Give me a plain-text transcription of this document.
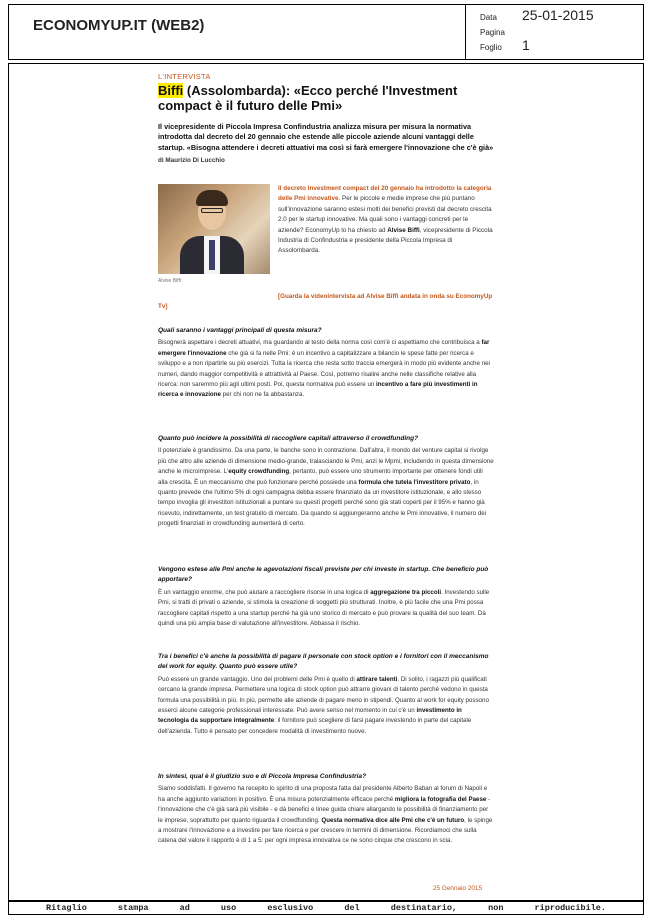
ECONOMYUP.IT (WEB2)	Data 25-01-2015
Pagina
Foglio 1
L'INTERVISTA
Biffi (Assolombarda): «Ecco perché l'Investment compact è il futuro delle Pmi»
Il vicepresidente di Piccola Impresa Confindustria analizza misura per misura la normativa introdotta dal decreto del 20 gennaio che estende alle piccole aziende alcuni vantaggi delle startup. «Bisogna attendere i decreti attuativi ma così si farà emergere l'innovazione che c'è già»
di Maurizio Di Lucchio
Alvise Biffi
Il decreto Investment compact del 20 gennaio ha introdotto la categoria delle Pmi innovative. Per le piccole e medie imprese che più puntano sull'innovazione saranno estesi molti dei benefici previsti dal decreto crescita 2.0 per le startup innovative. Ma quali sono i vantaggi concreti per le aziende? EconomyUp lo ha chiesto ad Alvise Biffi, vicepresidente di Piccola Industria di Confindustria e presidente della Piccola Impresa di Assolombarda.
[Guarda la videointervista ad Alvise Biffi andata in onda su EconomyUp Tv]
Quali saranno i vantaggi principali di questa misura?
Bisognerà aspettare i decreti attuativi, ma guardando al testo della norma così com'è ci aspettiamo che contribuisca a far emergere l'innovazione che già si fa nelle Pmi: è un incentivo a capitalizzare a bilancio le spese fatte per ricerca e sviluppo e a non ripartirle su più esercizi. Tutta la ricerca che resta sotto traccia emergerà in modo più evidente anche nei numeri, dando maggior competitività e attrattività al Paese. Così, potremo risalire anche nelle classifiche relative alla ricerca: non saremmo più agli ultimi posti. Poi, questa normativa può essere un incentivo a fare più investimenti in ricerca e innovazione per chi non ne fa abbastanza.
Quanto può incidere la possibilità di raccogliere capitali attraverso il crowdfunding?
Il potenziale è grandissimo. Da una parte, le banche sono in contrazione. Dall'altra, il mondo del venture capital si rivolge più che altro alle aziende di dimensione medio-grande, tralasciando le Pmi, anzi le Mpmi, includendo in questa dimensione anche le microimprese. L'equity crowdfunding, pertanto, può essere uno strumento importante per ottenere fondi utili alla crescita. È un meccanismo che può funzionare perché possiede una formula che tutela l'investitore privato, in quanto prevede che l'ultimo 5% di ogni campagna debba essere finanziato da un investitore istituzionale, e allo stesso tempo invoglia gli investitori istituzionali a puntare su questi progetti perché sono già stati coperti per il 95% e hanno già ricevuto, indirettamente, un test gratuito di mercato. Da quando si aggiungeranno anche le Pmi innovative, il numero dei progetti finanziati in crowdfunding aumenterà di certo.
Vengono estese alle Pmi anche le agevolazioni fiscali previste per chi investe in startup. Che beneficio può apportare?
È un vantaggio enorme, che può aiutare a raccogliere risorse in una logica di aggregazione tra piccoli. Investendo sulle Pmi, si tratti di privati o aziende, si stimola la creazione di soggetti più strutturati. Inoltre, è più facile che una Pmi possa raccogliere capitali rispetto a una startup perché ha già uno storico di mercato e può provare la qualità del suo team. Dà quindi una più ampia base di valutazione all'investitore. Abbassa il rischio.
Tra i benefici c'è anche la possibilità di pagare il personale con stock option e i fornitori con il meccanismo del work for equity. Quanto può essere utile?
Può essere un grande vantaggio. Uno dei problemi delle Pmi è quello di attirare talenti. Di solito, i ragazzi più qualificati cercano la grande impresa. Permettere una logica di stock option può attrarre giovani di talento perché vedono in questa formula una possibilità in più. In più, permette alle aziende di pagare meno in stipendi. Quanto al work for equity possono esserci alcune categorie professionali interessate. Può avere senso nel momento in cui c'è un investimento in tecnologia da supportare integralmente: il fornitore può scegliere di farsi pagare investendo in parte del capitale dell'azienda. Tutto è pensato per concedere modalità di investimento nuove.
In sintesi, qual è il giudizio suo e di Piccola Impresa Confindustria?
Siamo soddisfatti. Il governo ha recepito lo spirito di una proposta fatta dal presidente Alberto Baban al forum di Napoli e ha anche aggiunto variazioni in positivo. È una misura potenzialmente efficace perché migliora la fotografia del Paese - l'innovazione che c'è già sarà più visibile - e dà benefici e linee guida chiare allargando le possibilità di finanziamento per le imprese, soprattutto per quanto riguarda il crowdfunding. Questa normativa dice alle Pmi che c'è un futuro, le spinge a mostrare l'innovazione e a investire per fare ricerca e per crescere in termini di dimensione. Ricordiamoci che sulla catena del valore il rapporto è di 1 a 5: per ogni impresa innovativa ce ne sono cinque che crescono in scia.
25 Gennaio 2015
Ritaglio stampa ad uso esclusivo del destinatario, non riproducibile.
